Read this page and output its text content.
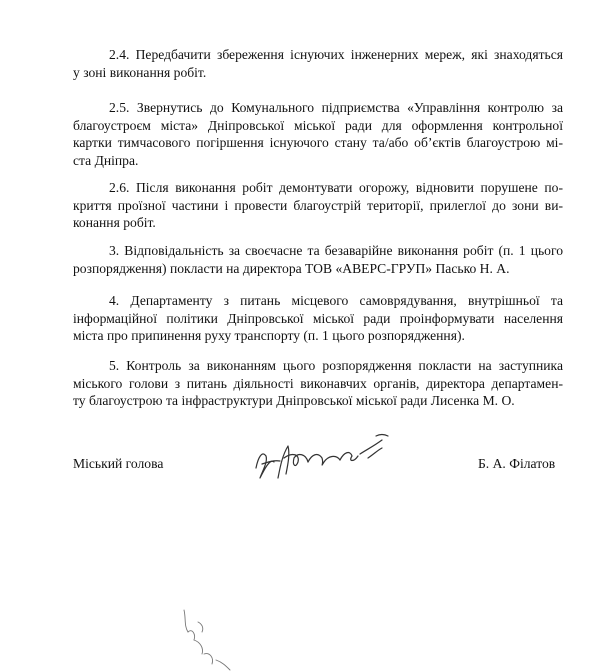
2.4. Передбачити збереження існуючих інженерних мереж, які знаходяться
у зоні виконання робіт.
2.5. Звернутись до Комунального підприємства «Управління контролю за
благоустроєм міста» Дніпровської міської ради для оформлення контрольної
картки тимчасового погіршення існуючого стану та/або об’єктів благоустрою мі-
ста Дніпра.
2.6. Після виконання робіт демонтувати огорожу, відновити порушене по-
криття проїзної частини і провести благоустрій території, прилеглої до зони ви-
конання робіт.
3. Відповідальність за своєчасне та безаварійне виконання робіт (п. 1 цього
розпорядження) покласти на директора ТОВ «АВЕРС-ГРУП» Пасько Н. А.
4. Департаменту з питань місцевого самоврядування, внутрішньої та
інформаційної політики Дніпровської міської ради проінформувати населення
міста про припинення руху транспорту (п. 1 цього розпорядження).
5. Контроль за виконанням цього розпорядження покласти на заступника
міського голови з питань діяльності виконавчих органів, директора департамен-
ту благоустрою та інфраструктури Дніпровської міської ради Лисенка М. О.
Міський голова	Б. А. Філатов
